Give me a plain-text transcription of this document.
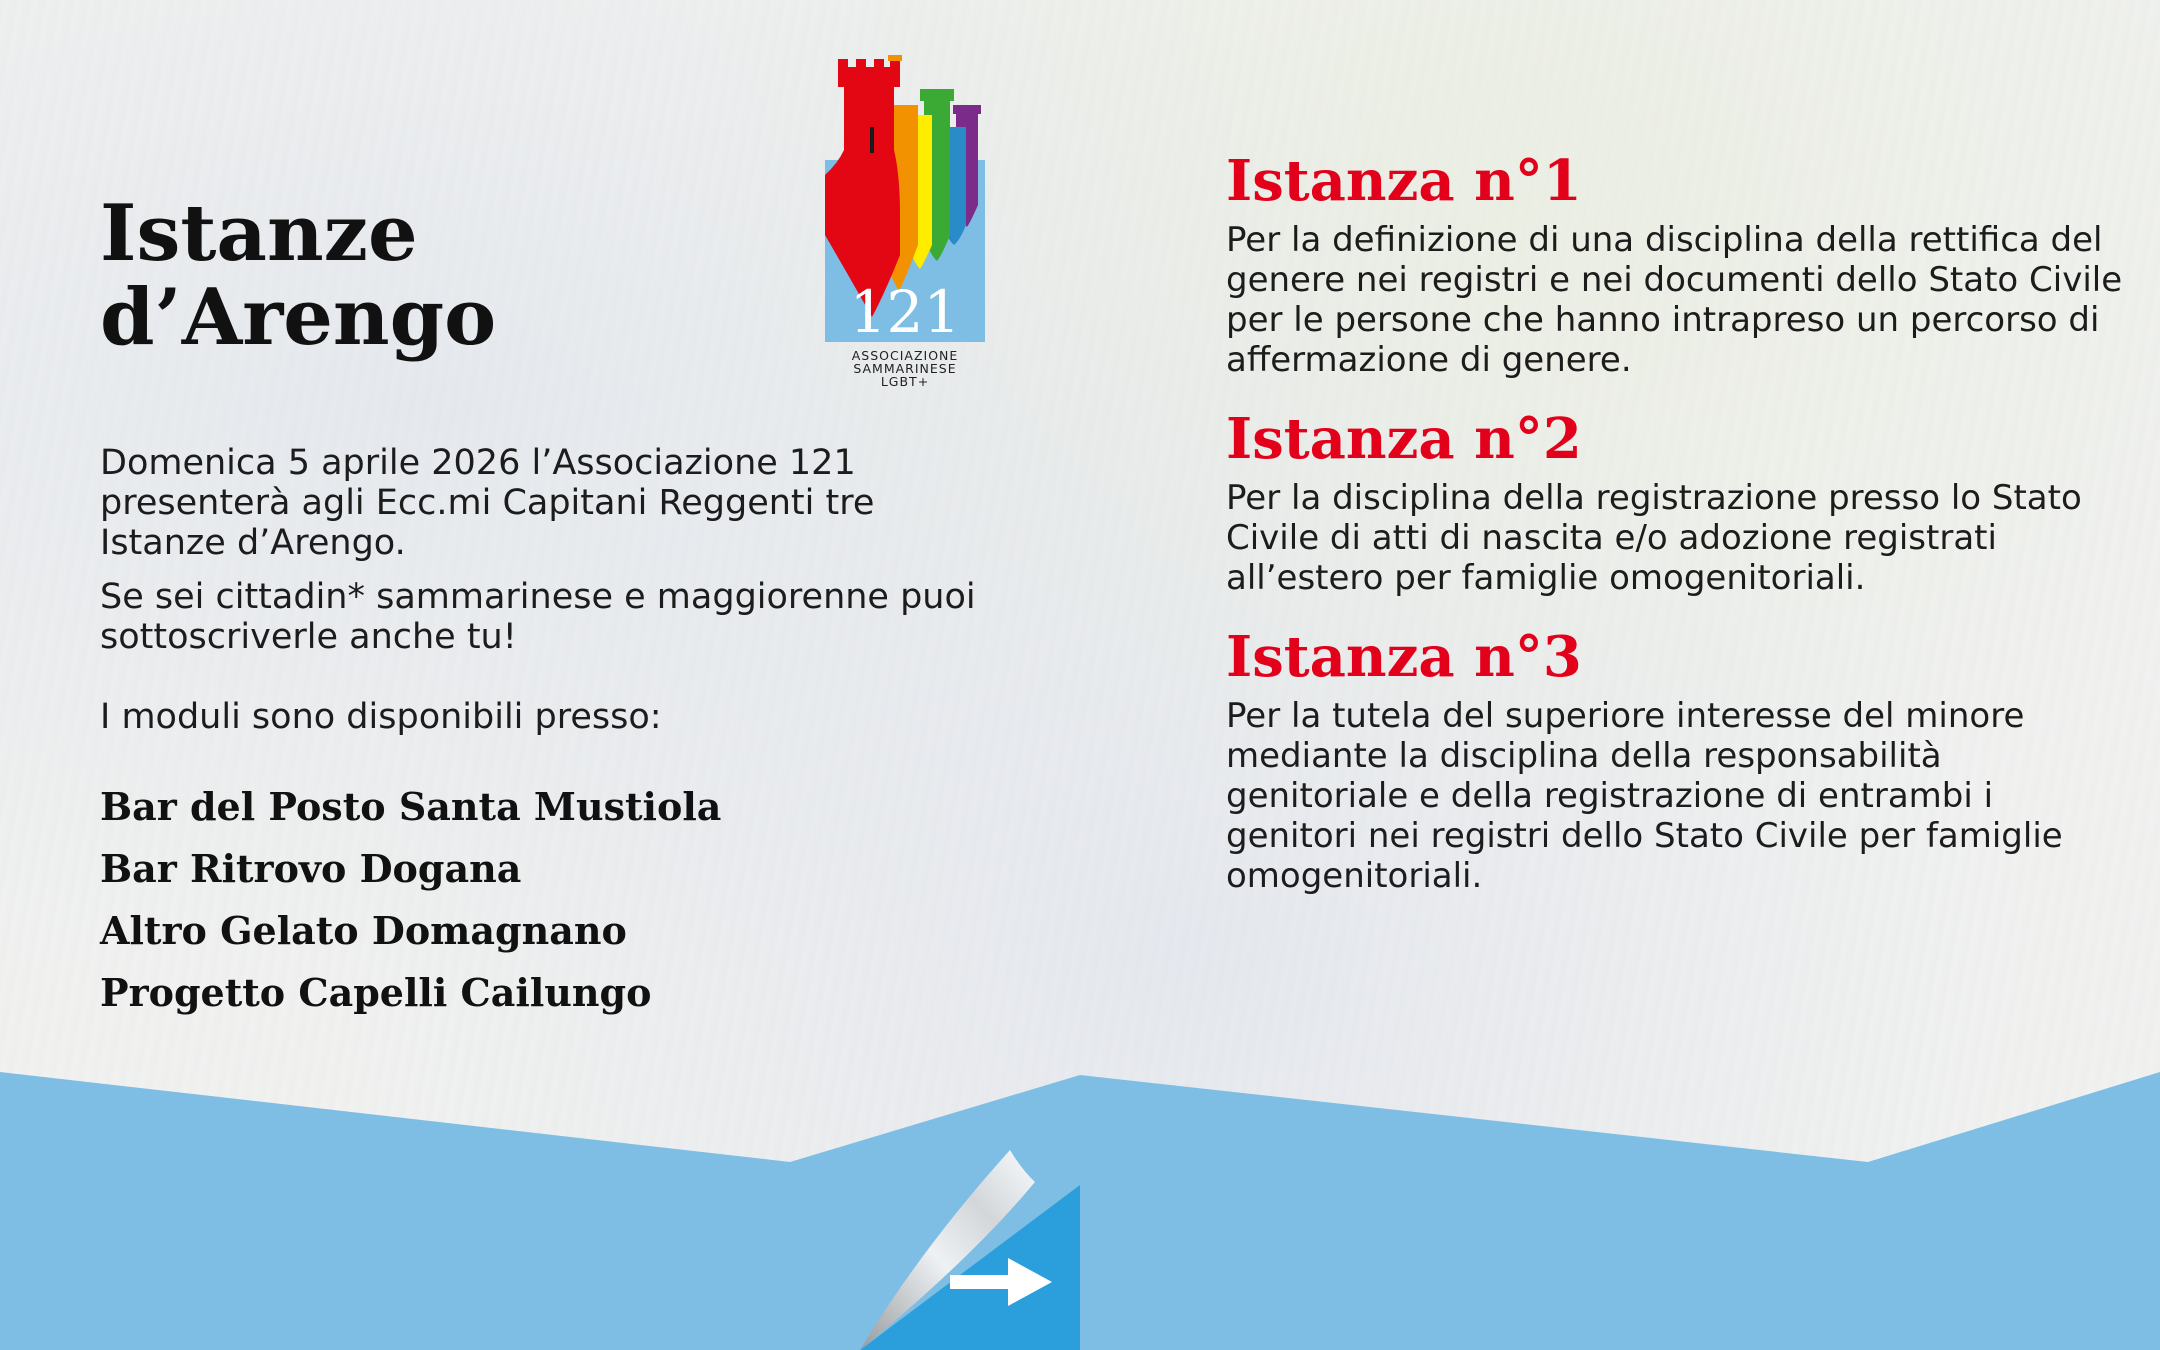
Istanze
d’Arengo	121
ASSOCIAZIONE
SAMMARINESE
LGBT+

Domenica 5 aprile 2026 l’Associazione 121 presenterà agli Ecc.mi Capitani Reggenti tre Istanze d’Arengo.

Se sei cittadin* sammarinese e maggiorenne puoi sottoscriverle anche tu!

I moduli sono disponibili presso:

Bar del Posto Santa Mustiola
Bar Ritrovo Dogana
Altro Gelato Domagnano
Progetto Capelli Cailungo
Istanza n°1

Per la definizione di una disciplina della rettifica del genere nei registri e nei documenti dello Stato Civile per le persone che hanno intrapreso un percorso di affermazione di genere.

Istanza n°2

Per la disciplina della registrazione presso lo Stato Civile di atti di nascita e/o adozione registrati all’estero per famiglie omogenitoriali.

Istanza n°3

Per la tutela del superiore interesse del minore mediante la disciplina della responsabilità genitoriale e della registrazione di entrambi i genitori nei registri dello Stato Civile per famiglie omogenitoriali.
